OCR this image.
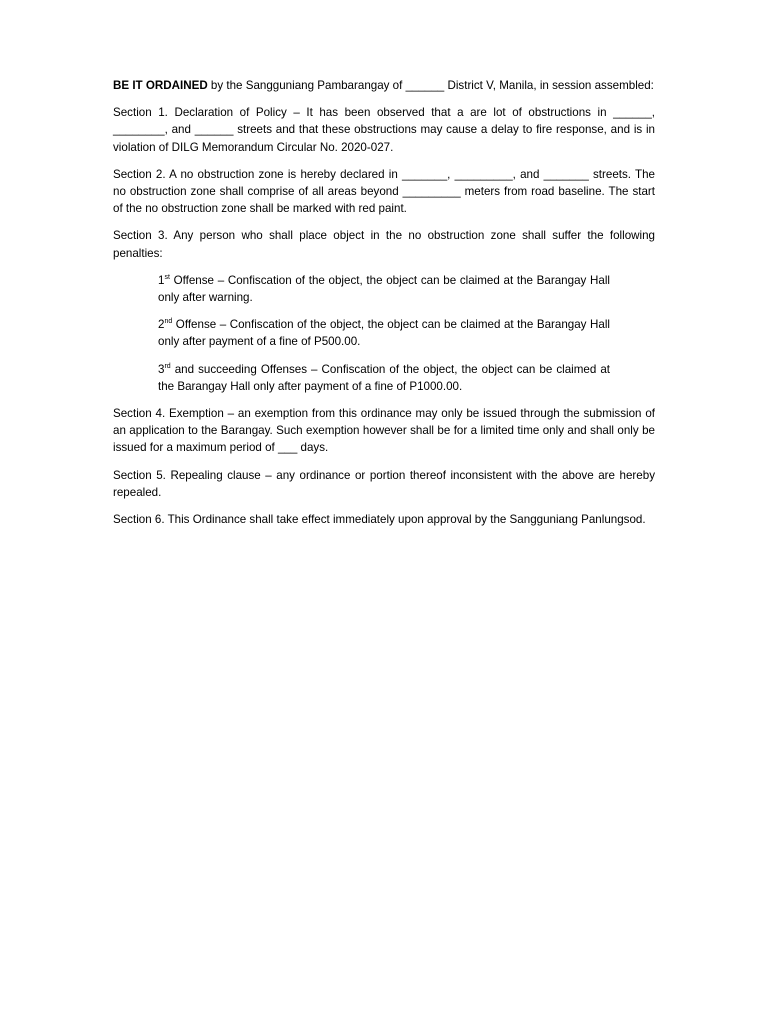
BE IT ORDAINED by the Sangguniang Pambarangay of ______ District V, Manila, in session assembled:

Section 1. Declaration of Policy – It has been observed that a are lot of obstructions in ______, ________, and ______ streets and that these obstructions may cause a delay to fire response, and is in violation of DILG Memorandum Circular No. 2020-027.

Section 2. A no obstruction zone is hereby declared in _______, _________, and _______ streets. The no obstruction zone shall comprise of all areas beyond _________ meters from road baseline. The start of the no obstruction zone shall be marked with red paint.

Section 3. Any person who shall place object in the no obstruction zone shall suffer the following penalties:

1st Offense – Confiscation of the object, the object can be claimed at the Barangay Hall only after warning.

2nd Offense – Confiscation of the object, the object can be claimed at the Barangay Hall only after payment of a fine of P500.00.

3rd and succeeding Offenses – Confiscation of the object, the object can be claimed at the Barangay Hall only after payment of a fine of P1000.00.

Section 4. Exemption – an exemption from this ordinance may only be issued through the submission of an application to the Barangay. Such exemption however shall be for a limited time only and shall only be issued for a maximum period of ___ days.

Section 5. Repealing clause – any ordinance or portion thereof inconsistent with the above are hereby repealed.

Section 6. This Ordinance shall take effect immediately upon approval by the Sangguniang Panlungsod.
